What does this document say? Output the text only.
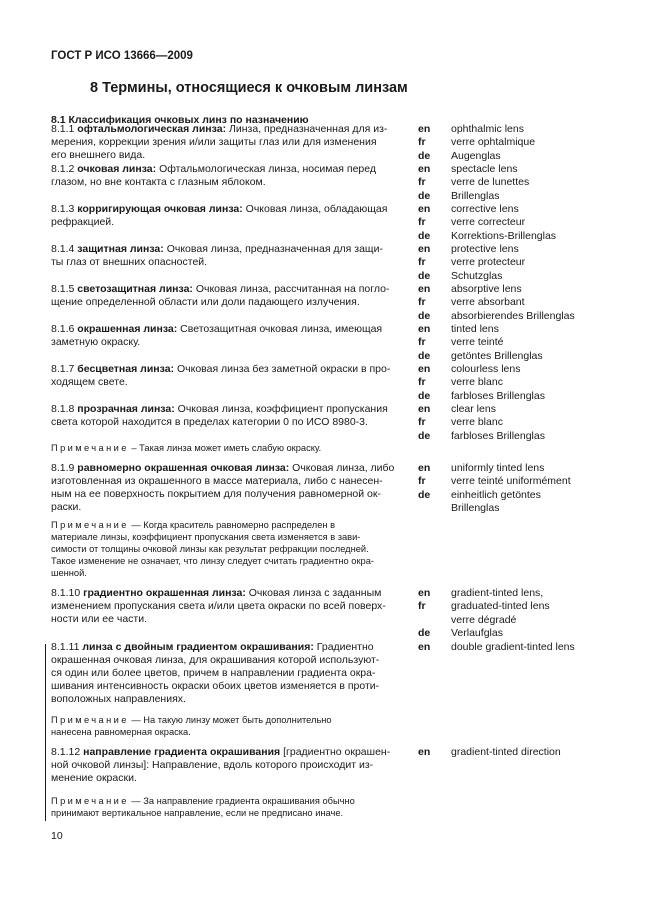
ГОСТ Р ИСО 13666—2009
8 Термины, относящиеся к очковым линзам
8.1 Классификация очковых линз по назначению
8.1.1 офтальмологическая линза: Линза, предназначенная для из-
мерения, коррекции зрения и/или защиты глаз или для изменения
его внешнего вида.
8.1.2 очковая линза: Офтальмологическая линза, носимая перед
глазом, но вне контакта с глазным яблоком.
8.1.3 корригирующая очковая линза: Очковая линза, обладающая
рефракцией.
8.1.4 защитная линза: Очковая линза, предназначенная для защи-
ты глаз от внешних опасностей.
8.1.5 светозащитная линза: Очковая линза, рассчитанная на погло-
щение определенной области или доли падающего излучения.
8.1.6 окрашенная линза: Светозащитная очковая линза, имеющая
заметную окраску.
8.1.7 бесцветная линза: Очковая линза без заметной окраски в про-
ходящем свете.
8.1.8 прозрачная линза: Очковая линза, коэффициент пропускания
света которой находится в пределах категории 0 по ИСО 8980-3.
Примечание – Такая линза может иметь слабую окраску.
8.1.9 равномерно окрашенная очковая линза: Очковая линза, либо
изготовленная из окрашенного в массе материала, либо с нанесен-
ным на ее поверхность покрытием для получения равномерной ок-
раски.
Примечание — Когда краситель равномерно распределен в
материале линзы, коэффициент пропускания света изменяется в зави-
симости от толщины очковой линзы как результат рефракции последней.
Такое изменение не означает, что линзу следует считать градиентно окра-
шенной.
8.1.10 градиентно окрашенная линза: Очковая линза с заданным
изменением пропускания света и/или цвета окраски по всей поверх-
ности или ее части.
8.1.11 линза с двойным градиентом окрашивания: Градиентно
окрашенная очковая линза, для окрашивания которой используют-
ся один или более цветов, причем в направлении градиента окра-
шивания интенсивность окраски обоих цветов изменяется в проти-
воположных направлениях.
Примечание — На такую линзу может быть дополнительно
нанесена равномерная окраска.
8.1.12 направление градиента окрашивания [градиентно окрашен-
ной очковой линзы]: Направление, вдоль которого происходит из-
менение окраски.
Примечание — За направление градиента окрашивания обычно
принимают вертикальное направление, если не предписано иначе.
en ophthalmic lens
fr verre ophtalmique
de Augenglas
en spectacle lens
fr verre de lunettes
de Brillenglas
en corrective lens
fr verre correcteur
de Korrektions-Brillenglas
en protective lens
fr verre protecteur
de Schutzglas
en absorptive lens
fr verre absorbant
de absorbierendes Brillenglas
en tinted lens
fr verre teinté
de getöntes Brillenglas
en colourless lens
fr verre blanc
de farbloses Brillenglas
en clear lens
fr verre blanc
de farbloses Brillenglas
en uniformly tinted lens
fr verre teinté uniformément
de einheitlich getöntes
Brillenglas
en gradient-tinted lens,
fr graduated-tinted lens
verre dégradé
de Verlaufglas
en double gradient-tinted lens
en gradient-tinted direction
10
